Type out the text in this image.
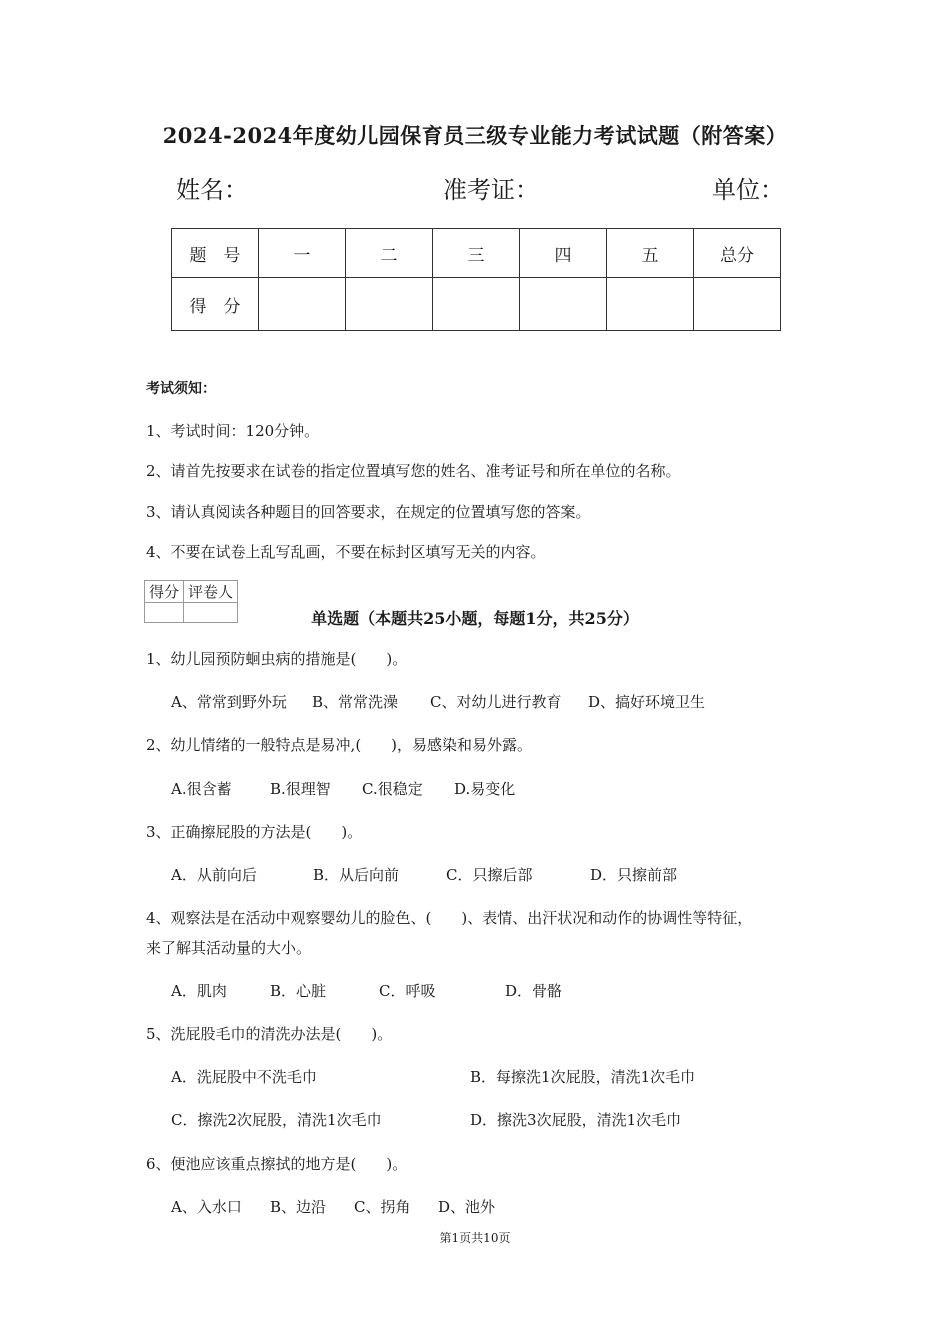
2024-2024年度幼儿园保育员三级专业能力考试试题（附答案）
姓名：	准考证：	单位：
题　号	一	二	三	四	五	总分
得　分						
考试须知：
1、考试时间：120分钟。
2、请首先按要求在试卷的指定位置填写您的姓名、准考证号和所在单位的名称。
3、请认真阅读各种题目的回答要求，在规定的位置填写您的答案。
4、不要在试卷上乱写乱画，不要在标封区填写无关的内容。
得分	评卷人

单选题（本题共25小题，每题1分，共25分）
1、幼儿园预防蛔虫病的措施是(　　)。
A、常常到野外玩 B、常常洗澡 C、对幼儿进行教育 D、搞好环境卫生
2、幼儿情绪的一般特点是易冲,(　　)，易感染和易外露。
A.很含蓄	B.很理智 C.很稳定 D.易变化
3、正确擦屁股的方法是(　　)。
A．从前向后	B．从后向前	C．只擦后部	D．只擦前部
4、观察法是在活动中观察婴幼儿的脸色、(　　)、表情、出汗状况和动作的协调性等特征，
来了解其活动量的大小。
A．肌肉	B．心脏	C．呼吸	D．骨骼
5、洗屁股毛巾的清洗办法是(　　)。
A．洗屁股中不洗毛巾	B．每擦洗1次屁股，清洗1次毛巾
C．擦洗2次屁股，清洗1次毛巾	D．擦洗3次屁股，清洗1次毛巾
6、便池应该重点擦拭的地方是(　　)。
A、入水口 B、边沿 C、拐角 D、池外
第1页共10页
